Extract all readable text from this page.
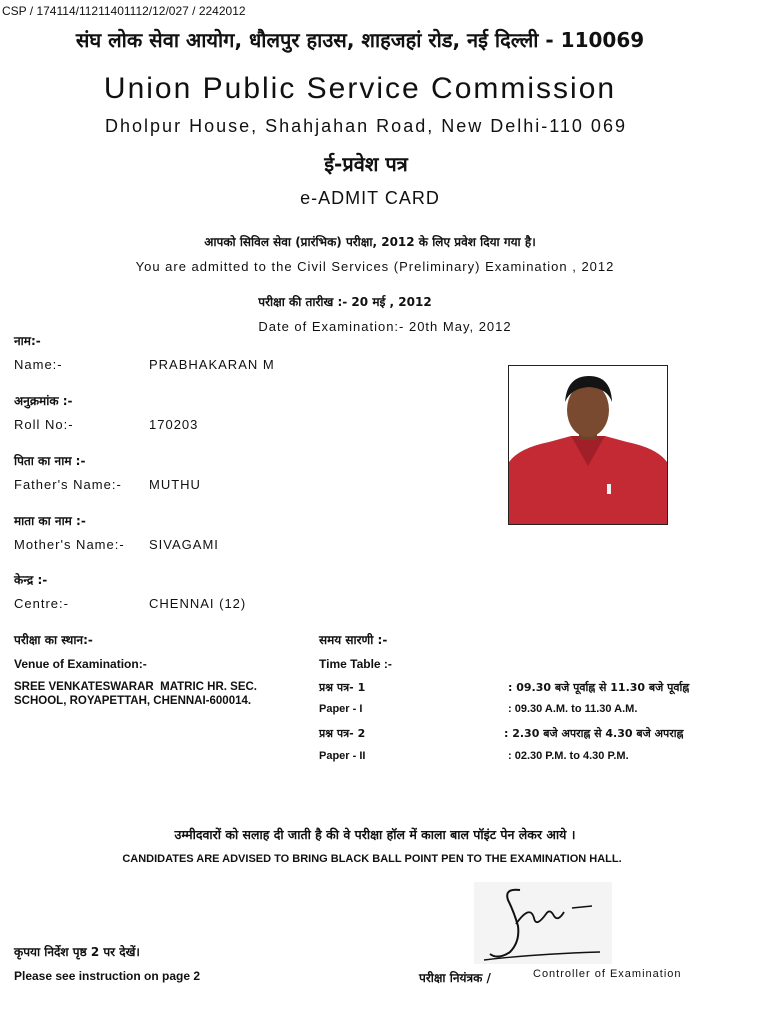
CSP / 174114/11211401112/12/027 / 2242012
संघ लोक सेवा आयोग, धौलपुर हाउस, शाहजहां रोड, नई दिल्ली - 110069
Union Public Service Commission
Dholpur House, Shahjahan Road, New Delhi-110 069
ई-प्रवेश पत्र
e-ADMIT CARD
आपको सिविल सेवा (प्रारंभिक) परीक्षा, 2012 के लिए प्रवेश दिया गया है।
You are admitted to the Civil Services (Preliminary) Examination , 2012
परीक्षा की तारीख :- 20 मई , 2012
Date of Examination:- 20th May, 2012
नाम:-
Name:-	PRABHAKARAN M
अनुक्रमांक :-
Roll No:-	170203
पिता का नाम :-
Father's Name:- MUTHU
माता का नाम :-
Mother's Name:- SIVAGAMI
केन्द्र :-
Centre:-	CHENNAI (12)
परीक्षा का स्थान:-
Venue of Examination:-
SREE VENKATESWARAR  MATRIC HR. SEC.
SCHOOL, ROYAPETTAH, CHENNAI-600014.
समय सारणी :-
Time Table :-
प्रश्न पत्र- 1	: 09.30 बजे पूर्वाह्न से 11.30 बजे पूर्वाह्न
Paper - I	: 09.30 A.M. to 11.30 A.M.
प्रश्न पत्र- 2	: 2.30 बजे अपराह्न से 4.30 बजे अपराह्न
Paper - II	: 02.30 P.M. to 4.30 P.M.
उम्मीदवारों को सलाह दी जाती है की वे परीक्षा हॉल में काला बाल पॉइंट पेन लेकर आये ।
CANDIDATES ARE ADVISED TO BRING BLACK BALL POINT PEN TO THE EXAMINATION HALL.
कृपया निर्देश पृष्ठ 2 पर देखें।
Please see instruction on page 2	परीक्षा नियंत्रक /	Controller of Examination
